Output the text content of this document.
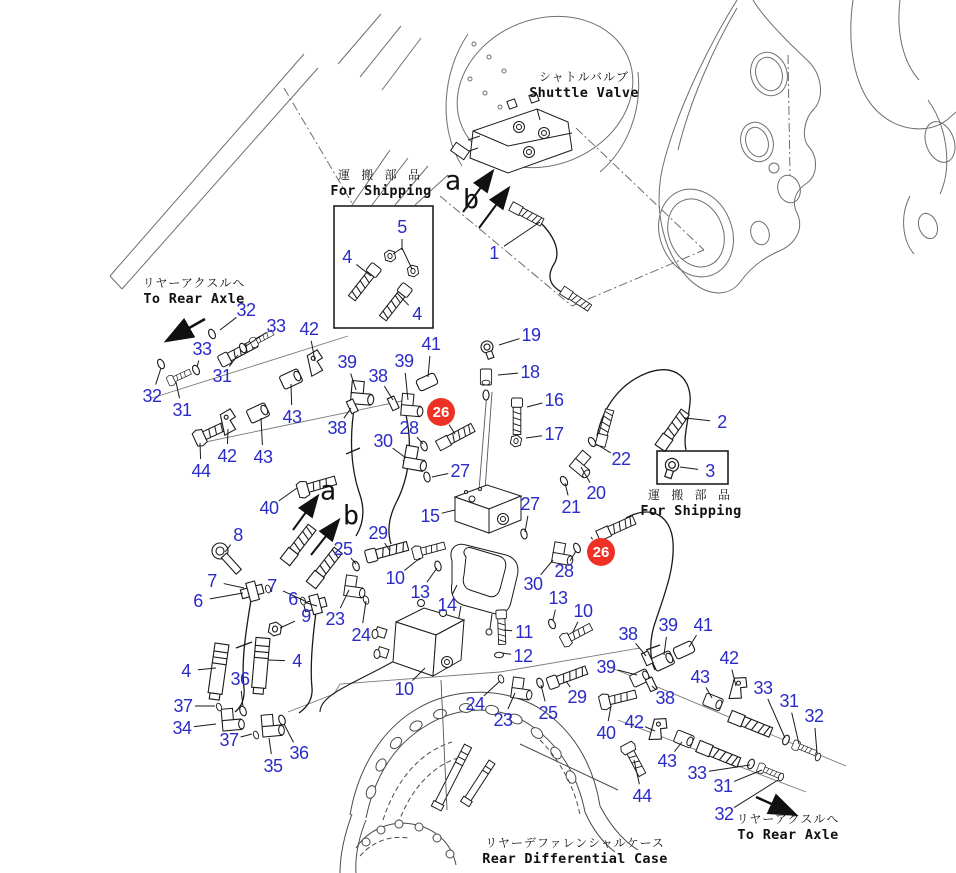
シャトルバルブ
Shuttle Valve
運 搬 部 品
For Shipping
運 搬 部 品
For Shipping
リヤーアクスルへ
To Rear Axle
リヤーアクスルへ
To Rear Axle
リヤーデファレンシャルケース
Rear Differential Case
a
b
a
b
1
2
3
4
4
5
4	4
6	6
7	7
8
9
10
10
10
11
12
13	13
14
15
16
17
18
19
20
21
22
23
23
24
24
25
25
27
27
28
28
29
29
30
30
31
31
31
31
32
32
32
32
33
33
33
33
34
35
36
36
37
37
38
38
38
38
39 39
39
39
40
40
41
41
42
42
42
42
43
43
43
43
44
44
26
26
